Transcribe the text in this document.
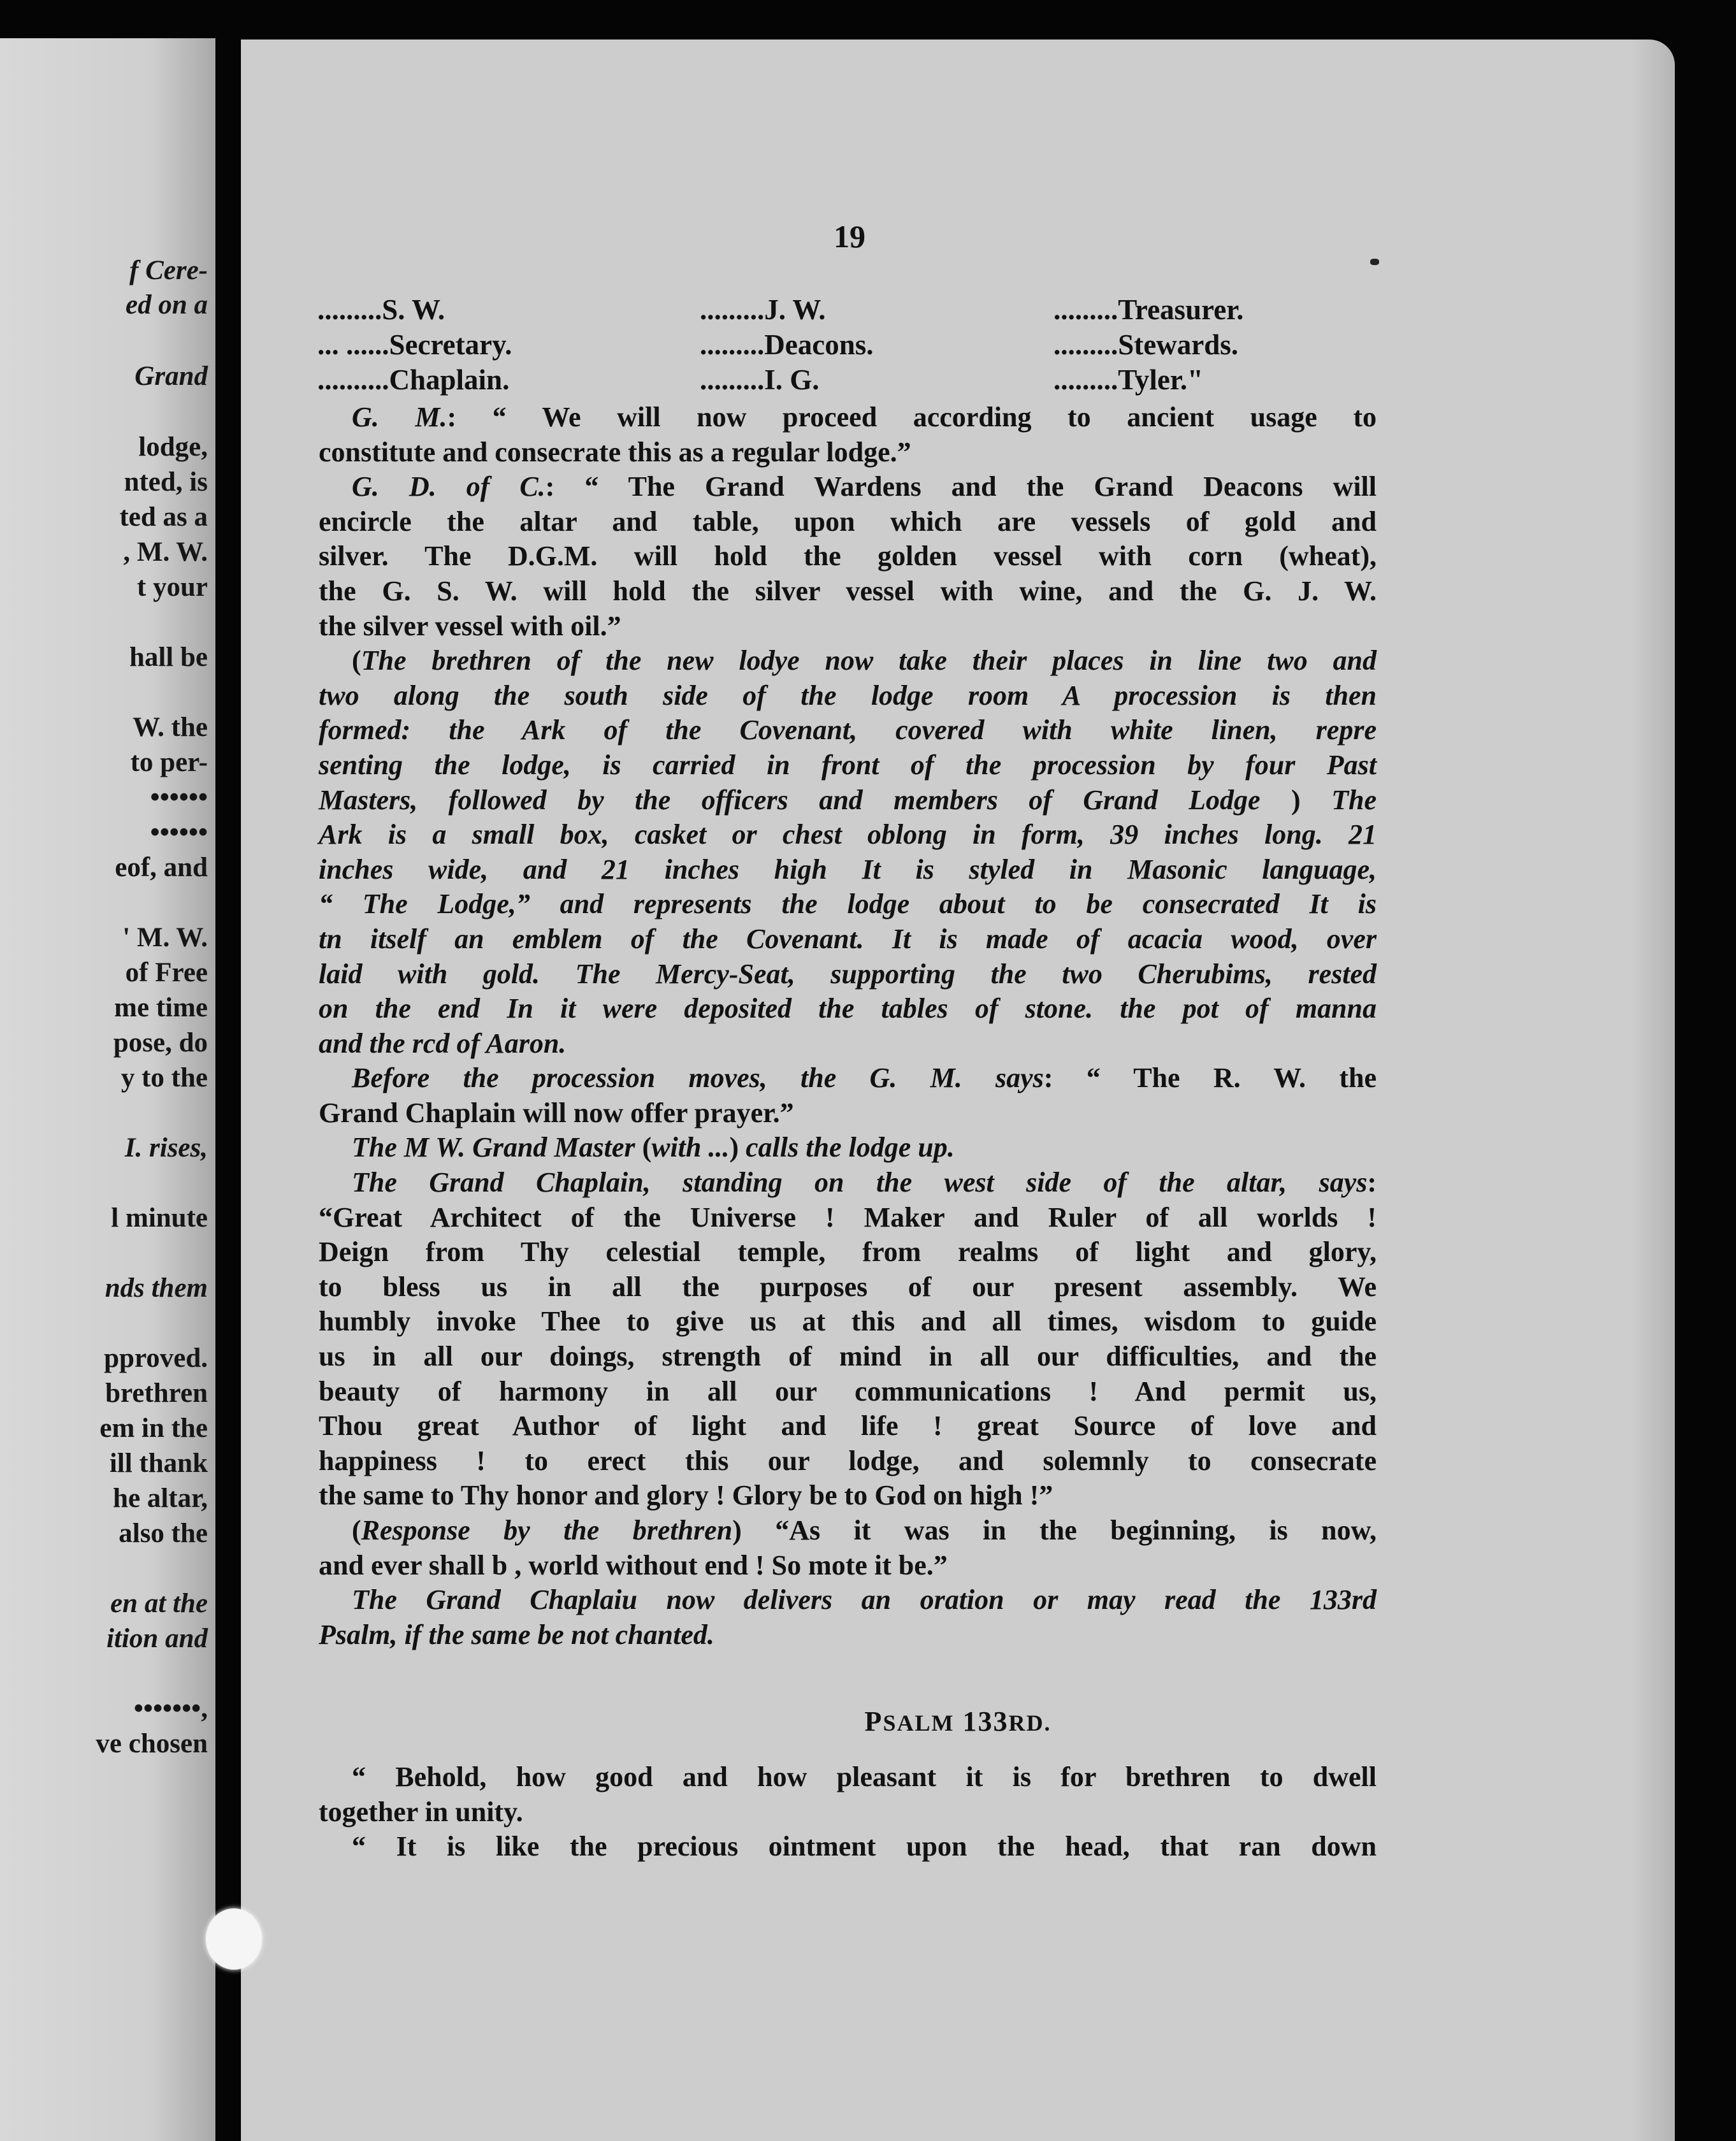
f Cere-
ed on a
Grand
lodge,
nted, is
ted as a
, M. W.
t your
hall be
W. the
to per-
••••••
••••••
eof, and
' M. W.
of Free
me time
pose, do
y to the
I. rises,
l minute
nds them
pproved.
brethren
em in the
ill thank
he altar,
also the
en at the
ition and
•••••••,
ve chosen
19
.........S. W.	.........J. W.	.........Treasurer.
... ......Secretary.	.........Deacons.	.........Stewards.
..........Chaplain.	.........I. G.	.........Tyler."
G. M.: “ We will now proceed according to ancient usage to
constitute and consecrate this as a regular lodge.”
G. D. of C.: “ The Grand Wardens and the Grand Deacons will
encircle the altar and table, upon which are vessels of gold and
silver. The D.G.M. will hold the golden vessel with corn (wheat),
the G. S. W. will hold the silver vessel with wine, and the G. J. W.
the silver vessel with oil.”
(The brethren of the new lodye now take their places in line two and
two along the south side of the lodge room A procession is then
formed: the Ark of the Covenant, covered with white linen, repre
senting the lodge, is carried in front of the procession by four Past
Masters, followed by the officers and members of Grand Lodge ) The
Ark is a small box, casket or chest oblong in form, 39 inches long. 21
inches wide, and 21 inches high It is styled in Masonic language,
“ The Lodge,” and represents the lodge about to be consecrated It is
tn itself an emblem of the Covenant. It is made of acacia wood, over
laid with gold. The Mercy-Seat, supporting the two Cherubims, rested
on the end In it were deposited the tables of stone. the pot of manna
and the rcd of Aaron.
Before the procession moves, the G. M. says: “ The R. W. the
Grand Chaplain will now offer prayer.”
The M W. Grand Master (with ...) calls the lodge up.
The Grand Chaplain, standing on the west side of the altar, says:
“Great Architect of the Universe ! Maker and Ruler of all worlds !
Deign from Thy celestial temple, from realms of light and glory,
to bless us in all the purposes of our present assembly. We
humbly invoke Thee to give us at this and all times, wisdom to guide
us in all our doings, strength of mind in all our difficulties, and the
beauty of harmony in all our communications ! And permit us,
Thou great Author of light and life ! great Source of love and
happiness ! to erect this our lodge, and solemnly to consecrate
the same to Thy honor and glory ! Glory be to God on high !”
(Response by the brethren) “As it was in the beginning, is now,
and ever shall b , world without end ! So mote it be.”
The Grand Chaplaiu now delivers an oration or may read the 133rd
Psalm, if the same be not chanted.
PSALM 133RD.
“ Behold, how good and how pleasant it is for brethren to dwell
together in unity.
“ It is like the precious ointment upon the head, that ran down
